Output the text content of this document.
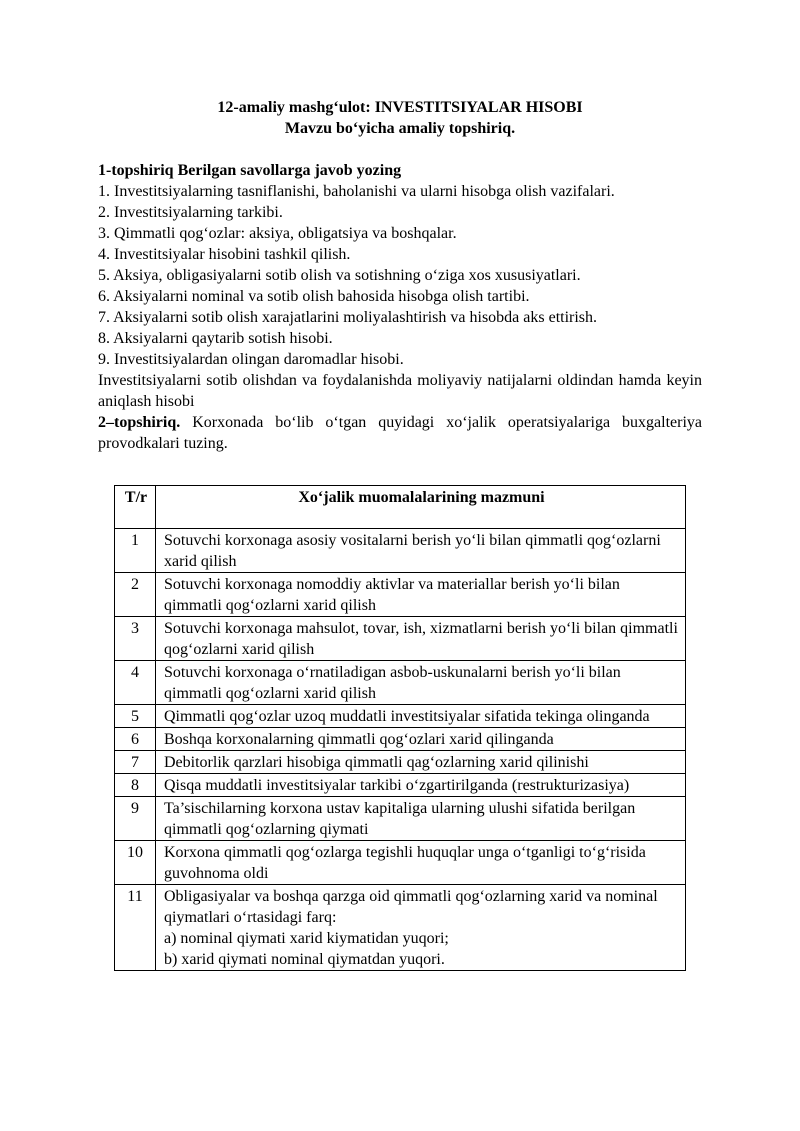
12-amaliy mashg‘ulot: INVESTITSIYALAR HISOBI

Mavzu bo‘yicha amaliy topshiriq.

1-topshiriq Berilgan savollarga javob yozing

1. Investitsiyalarning tasniflanishi, baholanishi va ularni hisobga olish vazifalari.
2. Investitsiyalarning tarkibi.
3. Qimmatli qog‘ozlar: aksiya, obligatsiya va boshqalar.
4. Investitsiyalar hisobini tashkil qilish.
5. Aksiya, obligasiyalarni sotib olish va sotishning o‘ziga xos xususiyatlari.
6. Aksiyalarni nominal va sotib olish bahosida hisobga olish tartibi.
7. Aksiyalarni sotib olish xarajatlarini moliyalashtirish va hisobda aks ettirish.
8. Aksiyalarni qaytarib sotish hisobi.
9. Investitsiyalardan olingan daromadlar hisobi.

Investitsiyalarni sotib olishdan va foydalanishda moliyaviy natijalarni oldindan hamda keyin aniqlash hisobi

2–topshiriq. Korxonada bo‘lib o‘tgan quyidagi xo‘jalik operatsiyalariga buxgalteriya provodkalari tuzing.

T/r	Xo‘jalik muomalalarining mazmuni
1	Sotuvchi korxonaga asosiy vositalarni berish yo‘li bilan qimmatli qog‘ozlarni xarid qilish
2	Sotuvchi korxonaga nomoddiy aktivlar va materiallar berish yo‘li bilan qimmatli qog‘ozlarni xarid qilish
3	Sotuvchi korxonaga mahsulot, tovar, ish, xizmatlarni berish yo‘li bilan qimmatli qog‘ozlarni xarid qilish
4	Sotuvchi korxonaga o‘rnatiladigan asbob-uskunalarni berish yo‘li bilan qimmatli qog‘ozlarni xarid qilish
5	Qimmatli qog‘ozlar uzoq muddatli investitsiyalar sifatida tekinga olinganda
6	Boshqa korxonalarning qimmatli qog‘ozlari xarid qilinganda
7	Debitorlik qarzlari hisobiga qimmatli qag‘ozlarning xarid qilinishi
8	Qisqa muddatli investitsiyalar tarkibi o‘zgartirilganda (restrukturizasiya)
9	Ta’sischilarning korxona ustav kapitaliga ularning ulushi sifatida berilgan qimmatli qog‘ozlarning qiymati
10	Korxona qimmatli qog‘ozlarga tegishli huquqlar unga o‘tganligi to‘g‘risida guvohnoma oldi
11	Obligasiyalar va boshqa qarzga oid qimmatli qog‘ozlarning xarid va nominal qiymatlari o‘rtasidagi farq:
a) nominal qiymati xarid kiymatidan yuqori;
b) xarid qiymati nominal qiymatdan yuqori.
